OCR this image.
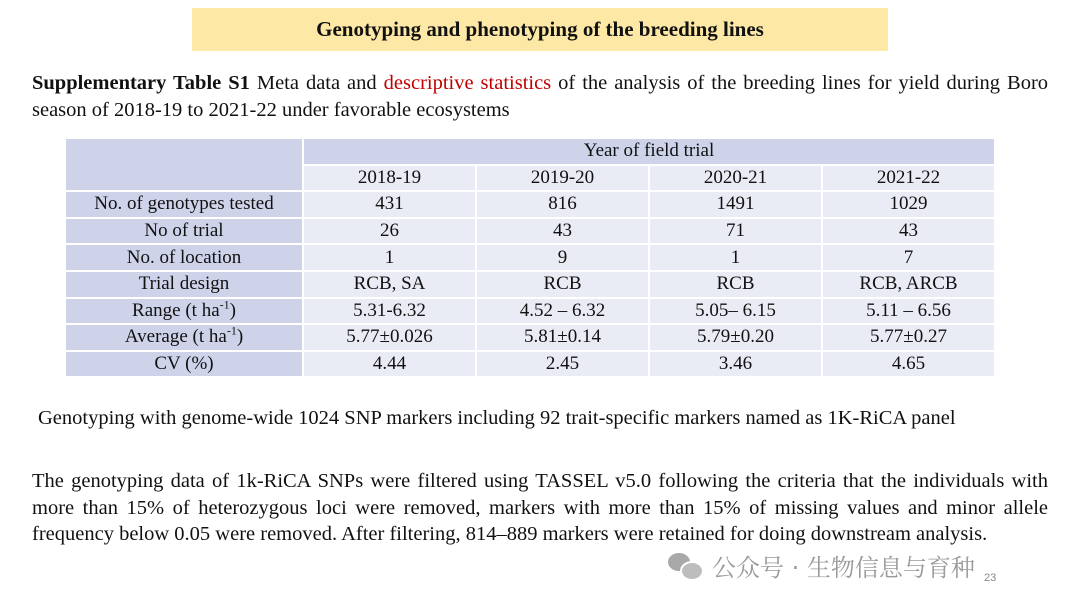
Genotyping and phenotyping of the breeding lines
Supplementary Table S1 Meta data and descriptive statistics of the analysis of the breeding lines for yield during Boro season of 2018-19 to 2021-22 under favorable ecosystems
	Year of field trial			
	2018-19	2019-20	2020-21	2021-22
No. of genotypes tested	431	816	1491	1029
No of trial	26	43	71	43
No. of location	1	9	1	7
Trial design	RCB, SA	RCB	RCB	RCB, ARCB
Range (t $ha^{-1}$)	5.31-6.32	4.52 – 6.32	5.05– 6.15	5.11 – 6.56
Average (t $ha^{-1}$)	5.77±0.026	5.81±0.14	5.79±0.20	5.77±0.27
CV (%)	4.44	2.45	3.46	4.65
Genotyping with genome-wide 1024 SNP markers including 92 trait-specific markers named as 1K-RiCA panel
The genotyping data of 1k-RiCA SNPs were filtered using TASSEL v5.0 following the criteria that the individuals with more than 15% of heterozygous loci were removed, markers with more than 15% of missing values and minor allele frequency below 0.05 were removed. After filtering, 814–889 markers were retained for doing downstream analysis.
公众号 · 生物信息与育种 23
